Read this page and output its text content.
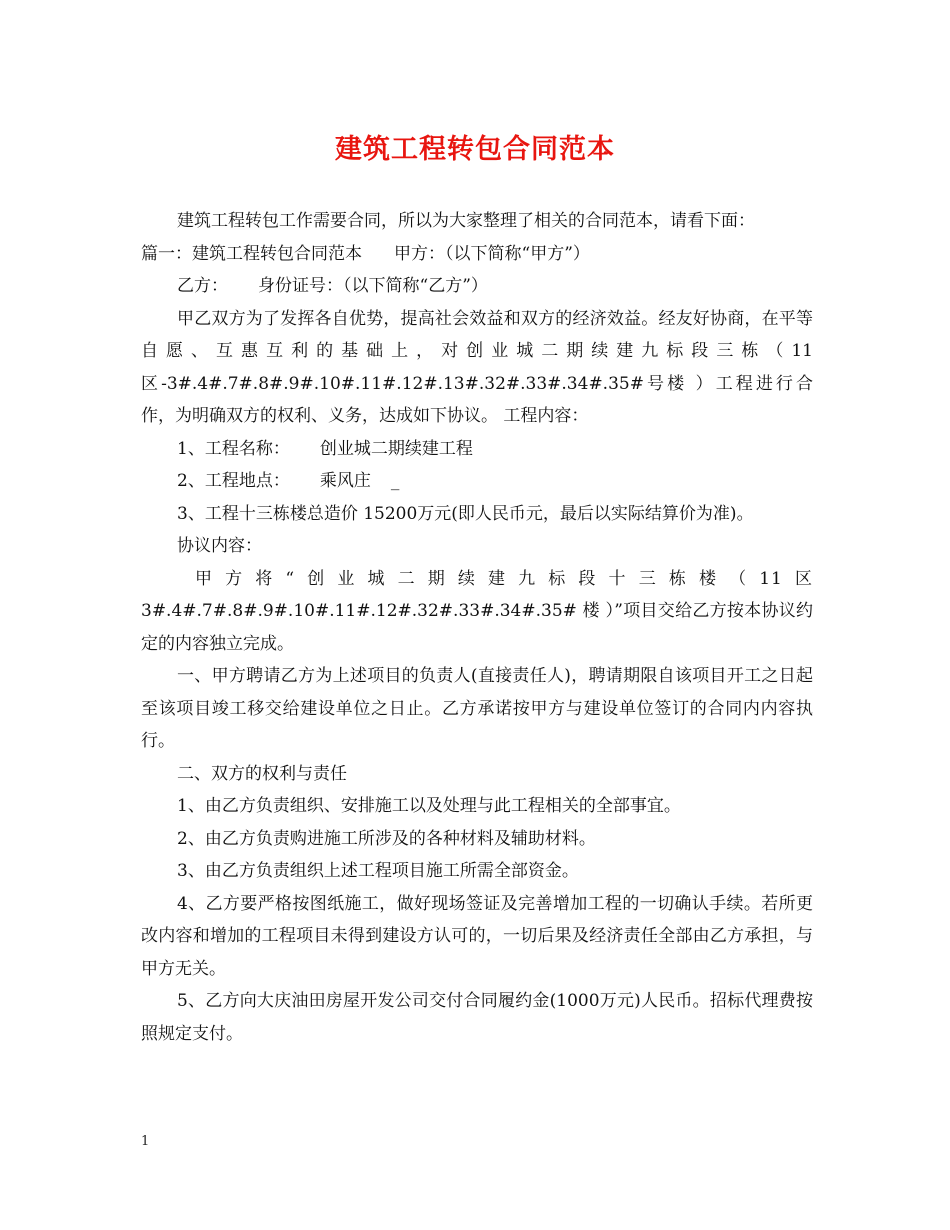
建筑工程转包合同范本

建筑工程转包工作需要合同，所以为大家整理了相关的合同范本，请看下面：

篇一：建筑工程转包合同范本 甲方：（以下简称“甲方”）

乙方： 身份证号：（以下简称“乙方”）

甲乙双方为了发挥各自优势，提高社会效益和双方的经济效益。经友好协商，在平等自愿、互惠互利的基础上，对创业城二期续建九标段三栋（11区-3#.4#.7#.8#.9#.10#.11#.12#.13#.32#.33#.34#.35#号楼 ）工程进行合作，为明确双方的权利、义务，达成如下协议。 工程内容：

1、工程名称： 创业城二期续建工程

2、工程地点： 乘风庄 _

3、工程十三栋楼总造价 15200万元(即人民币元，最后以实际结算价为准)。

协议内容：

甲方将“创业城二期续建九标段十三栋楼（11区

3#.4#.7#.8#.9#.10#.11#.12#.32#.33#.34#.35# 楼 ）”项目交给乙方按本协议约定的内容独立完成。

一、甲方聘请乙方为上述项目的负责人(直接责任人)，聘请期限自该项目开工之日起至该项目竣工移交给建设单位之日止。乙方承诺按甲方与建设单位签订的合同内内容执行。

二、双方的权利与责任

1、由乙方负责组织、安排施工以及处理与此工程相关的全部事宜。

2、由乙方负责购进施工所涉及的各种材料及辅助材料。

3、由乙方负责组织上述工程项目施工所需全部资金。

4、乙方要严格按图纸施工，做好现场签证及完善增加工程的一切确认手续。若所更改内容和增加的工程项目未得到建设方认可的，一切后果及经济责任全部由乙方承担，与甲方无关。

5、乙方向大庆油田房屋开发公司交付合同履约金(1000万元)人民币。招标代理费按照规定支付。

1
